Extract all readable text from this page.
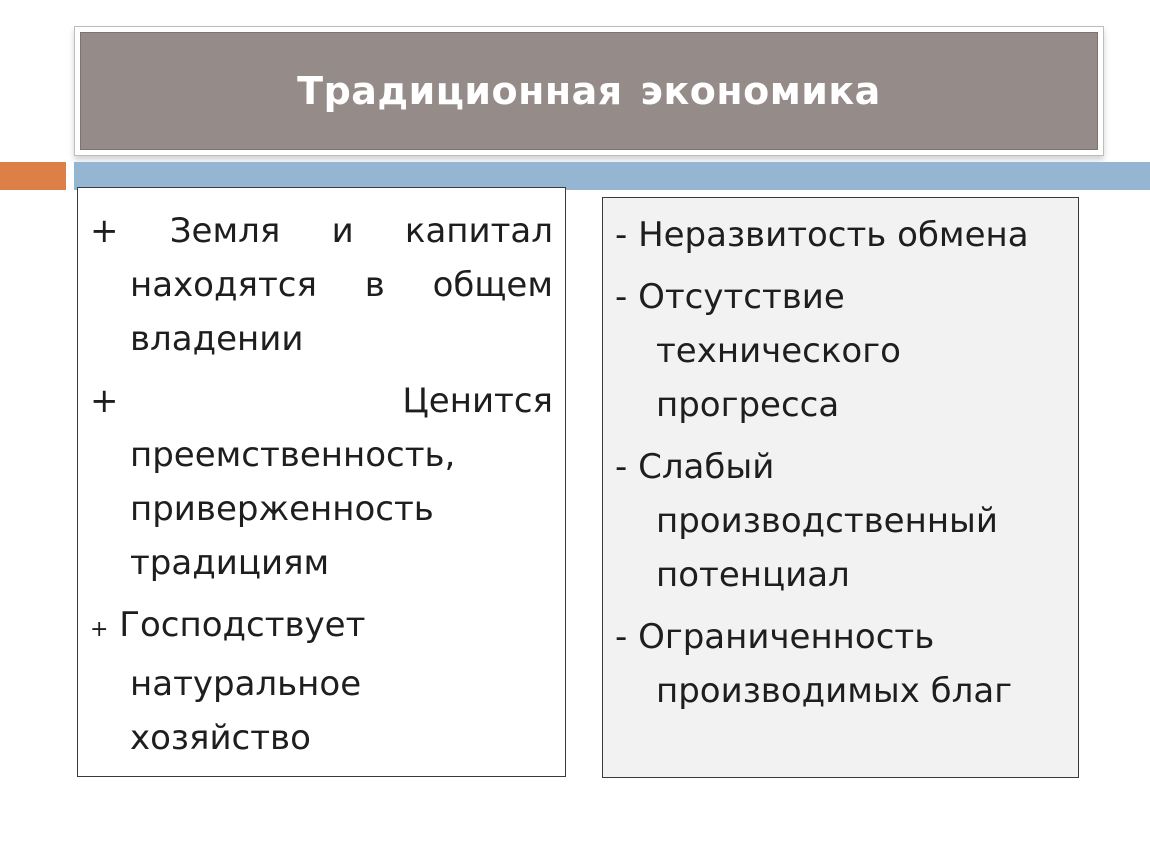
Традиционная экономика
+ Земля и капитал
находятся в общем
владении
+	Ценится
преемственность,
приверженность
традициям
+ Господствует
натуральное
хозяйство
- Неразвитость обмена
- Отсутствие
технического
прогресса
- Слабый
производственный
потенциал
- Ограниченность
производимых благ
